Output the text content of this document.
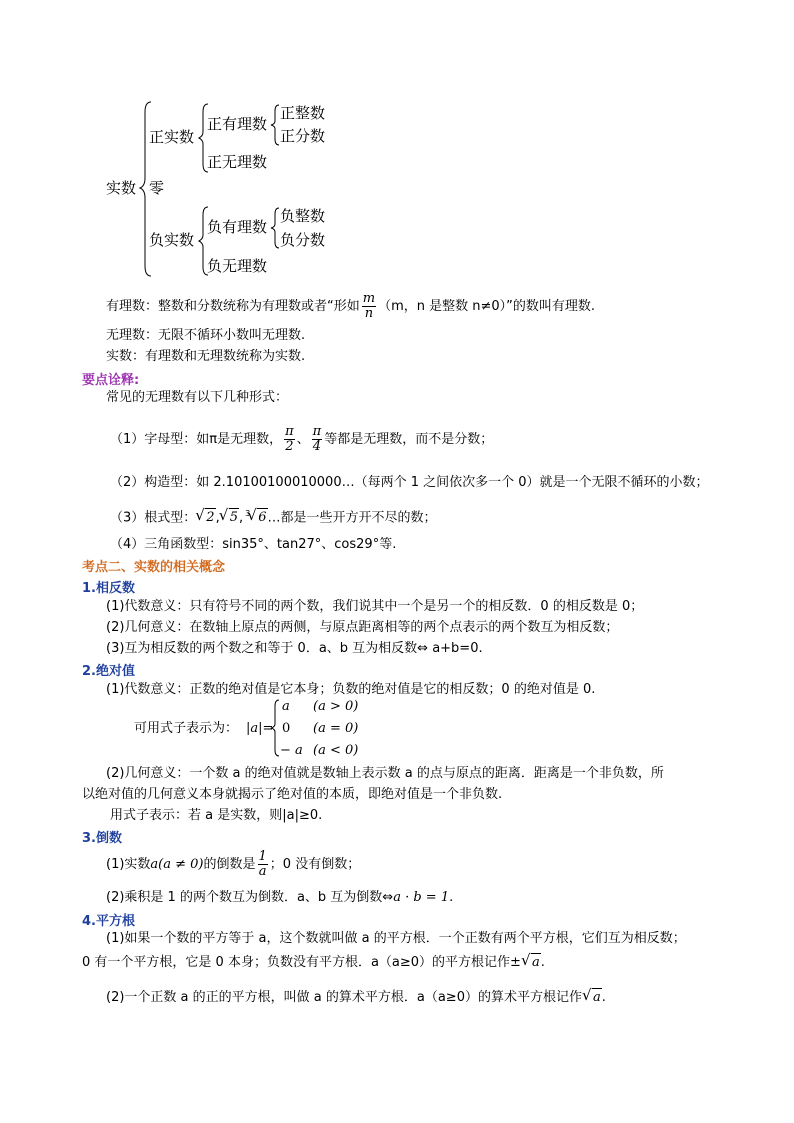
实数
正实数
零
负实数
正有理数
正无理数
正整数
正分数
负有理数
负无理数
负整数
负分数
有理数：整数和分数统称为有理数或者“形如 $\frac{m}{n} (m$，n 是整数 n≠0）”的数叫有理数.
无理数：无限不循环小数叫无理数.
实数：有理数和无理数统称为实数.
要点诠释:
常见的无理数有以下几种形式：
（1）字母型：如π是无理数， $\frac{\pi}{2}$ 、 $\frac{\pi}{4}$ 等都是无理数，而不是分数；
（2）构造型：如 2.10100100010000…（每两个 1 之间依次多一个 0）就是一个无限不循环的小数；
（3）根式型： √ 2, √ 5, $^3$ √ 6…都是一些开方开不尽的数；
（4）三角函数型：sin35°、tan27°、cos29°等.
考点二、实数的相关概念
1.相反数
(1)代数意义：只有符号不同的两个数，我们说其中一个是另一个的相反数．0 的相反数是 0；
(2)几何意义：在数轴上原点的两侧，与原点距离相等的两个点表示的两个数互为相反数；
(3)互为相反数的两个数之和等于 0．a、b 互为相反数⇔ a+b=0.
2.绝对值
(1)代数意义：正数的绝对值是它本身；负数的绝对值是它的相反数；0 的绝对值是 0.
可用式子表示为： |a|=
a (a > 0)
0 (a = 0)
− a (a < 0)
(2)几何意义：一个数 a 的绝对值就是数轴上表示数 a 的点与原点的距离．距离是一个非负数，所
以绝对值的几何意义本身就揭示了绝对值的本质，即绝对值是一个非负数.
用式子表示：若 a 是实数，则|a|≥0.
3.倒数
(1)实数a(a ≠ 0)的倒数是 $\frac{1}{a}$ ；0 没有倒数；
(2)乘积是 1 的两个数互为倒数．a、b 互为倒数⇔a · b = 1.
4.平方根
(1)如果一个数的平方等于 a，这个数就叫做 a 的平方根．一个正数有两个平方根，它们互为相反数；
0 有一个平方根，它是 0 本身；负数没有平方根．a（a≥0）的平方根记作± √ a.
(2)一个正数 a 的正的平方根，叫做 a 的算术平方根．a（a≥0）的算术平方根记作 √ a.
